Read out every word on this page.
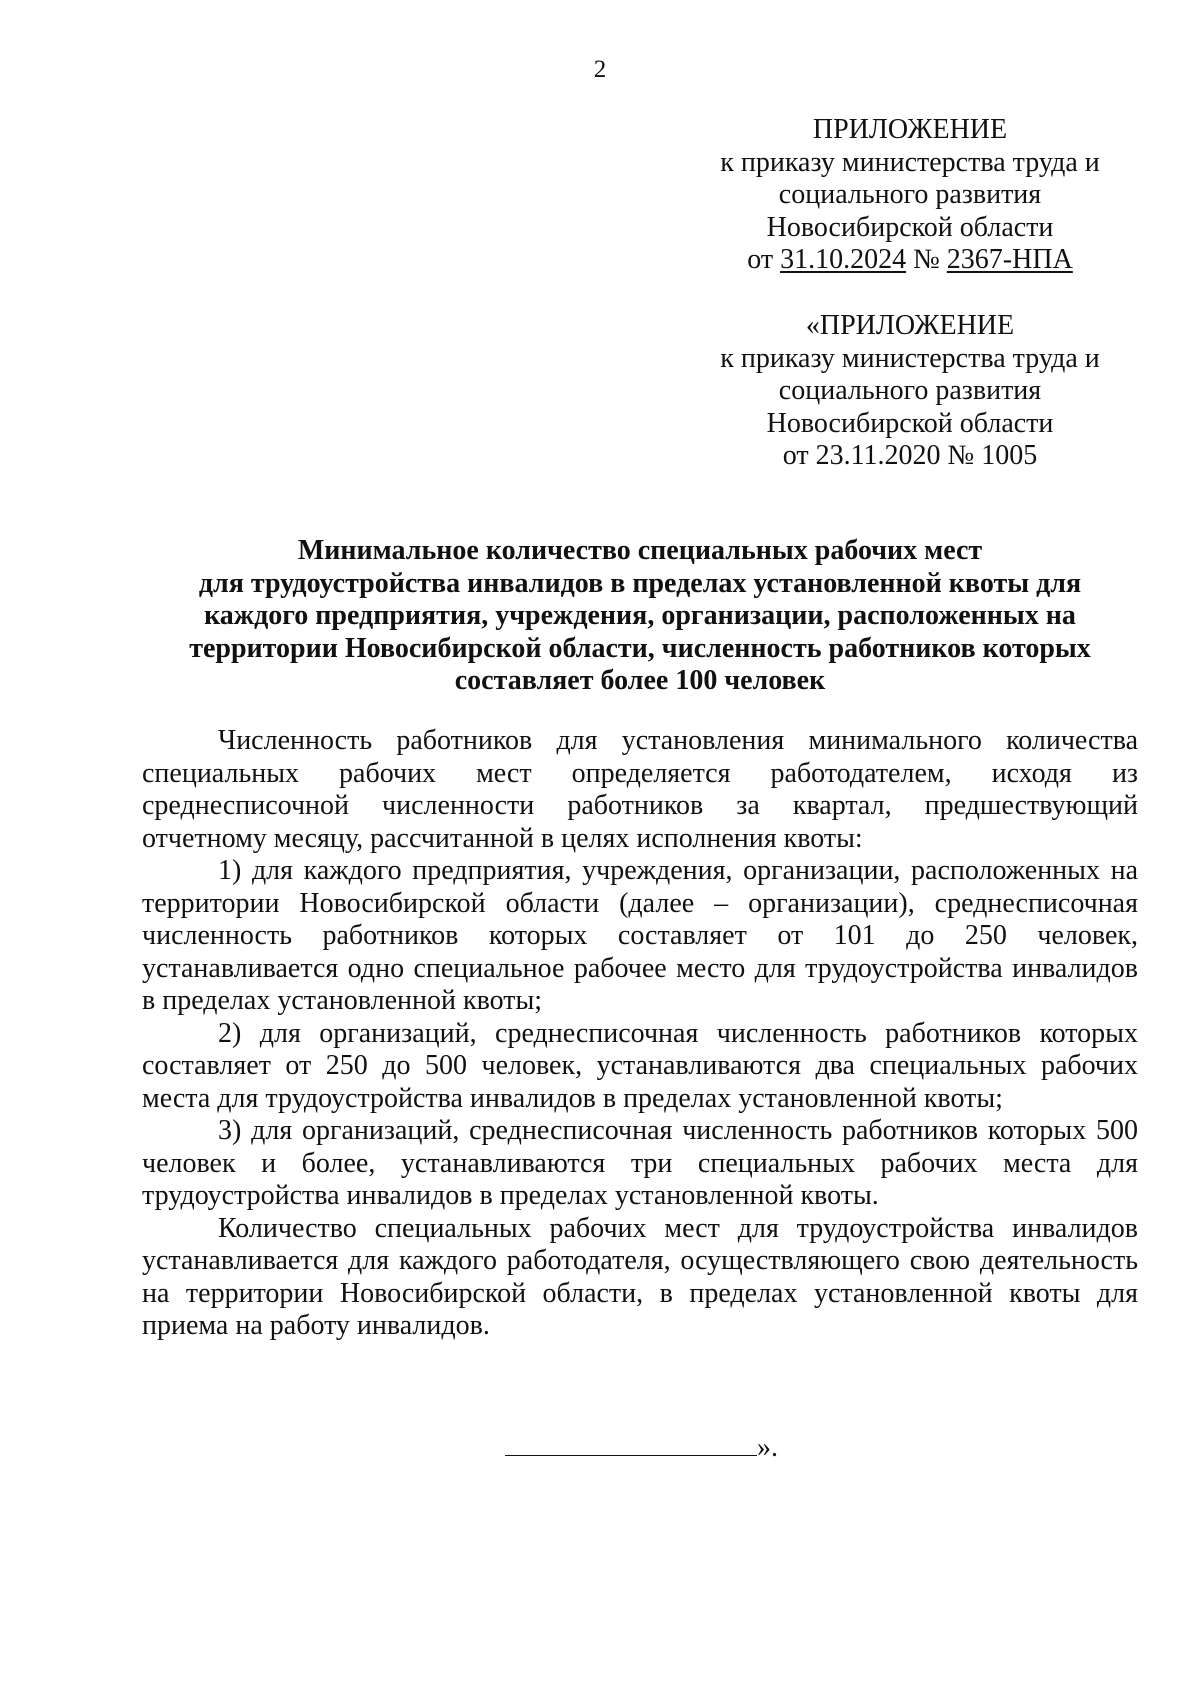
2
ПРИЛОЖЕНИЕ
к приказу министерства труда и
социального развития
Новосибирской области
от 31.10.2024 № 2367-НПА
«ПРИЛОЖЕНИЕ
к приказу министерства труда и
социального развития
Новосибирской области
от 23.11.2020 № 1005
Минимальное количество специальных рабочих мест
для трудоустройства инвалидов в пределах установленной квоты для
каждого предприятия, учреждения, организации, расположенных на
территории Новосибирской области, численность работников которых
составляет более 100 человек

Численность работников для установления минимального количества специальных рабочих мест определяется работодателем, исходя из среднесписочной численности работников за квартал, предшествующий отчетному месяцу, рассчитанной в целях исполнения квоты:

1) для каждого предприятия, учреждения, организации, расположенных на территории Новосибирской области (далее – организации), среднесписочная численность работников которых составляет от 101 до 250 человек, устанавливается одно специальное рабочее место для трудоустройства инвалидов в пределах установленной квоты;

2) для организаций, среднесписочная численность работников которых составляет от 250 до 500 человек, устанавливаются два специальных рабочих места для трудоустройства инвалидов в пределах установленной квоты;

3) для организаций, среднесписочная численность работников которых 500 человек и более, устанавливаются три специальных рабочих места для трудоустройства инвалидов в пределах установленной квоты.

Количество специальных рабочих мест для трудоустройства инвалидов устанавливается для каждого работодателя, осуществляющего свою деятельность на территории Новосибирской области, в пределах установленной квоты для приема на работу инвалидов.

».
